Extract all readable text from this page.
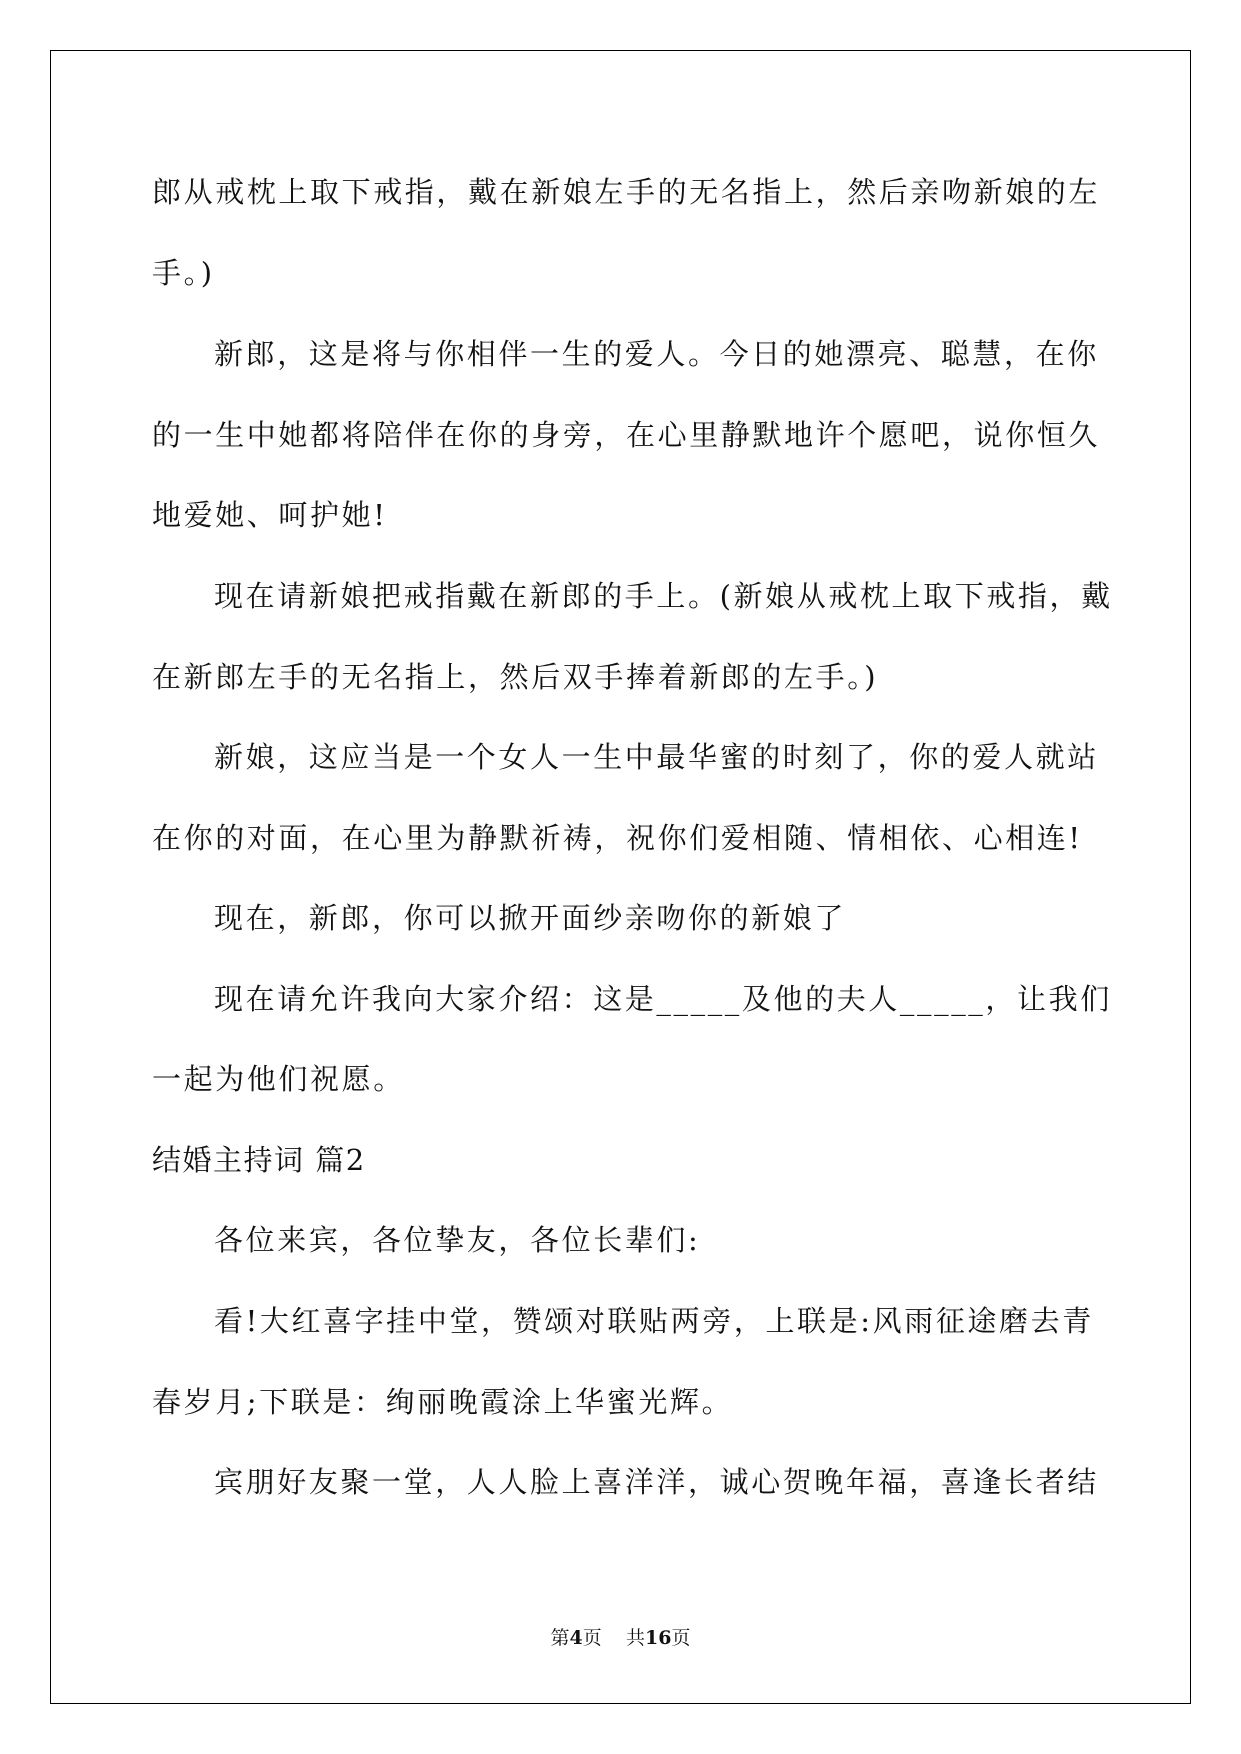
郎从戒枕上取下戒指，戴在新娘左手的无名指上，然后亲吻新娘的左
手。)
新郎，这是将与你相伴一生的爱人。今日的她漂亮、聪慧，在你
的一生中她都将陪伴在你的身旁，在心里静默地许个愿吧，说你恒久
地爱她、呵护她!
现在请新娘把戒指戴在新郎的手上。(新娘从戒枕上取下戒指，戴
在新郎左手的无名指上，然后双手捧着新郎的左手。)
新娘，这应当是一个女人一生中最华蜜的时刻了，你的爱人就站
在你的对面，在心里为静默祈祷，祝你们爱相随、情相依、心相连!
现在，新郎，你可以掀开面纱亲吻你的新娘了
现在请允许我向大家介绍：这是_____及他的夫人_____，让我们
一起为他们祝愿。
结婚主持词 篇2
各位来宾，各位挚友，各位长辈们:
看!大红喜字挂中堂，赞颂对联贴两旁，上联是:风雨征途磨去青
春岁月;下联是：绚丽晚霞涂上华蜜光辉。
宾朋好友聚一堂，人人脸上喜洋洋，诚心贺晚年福，喜逢长者结
第4页 共16页
